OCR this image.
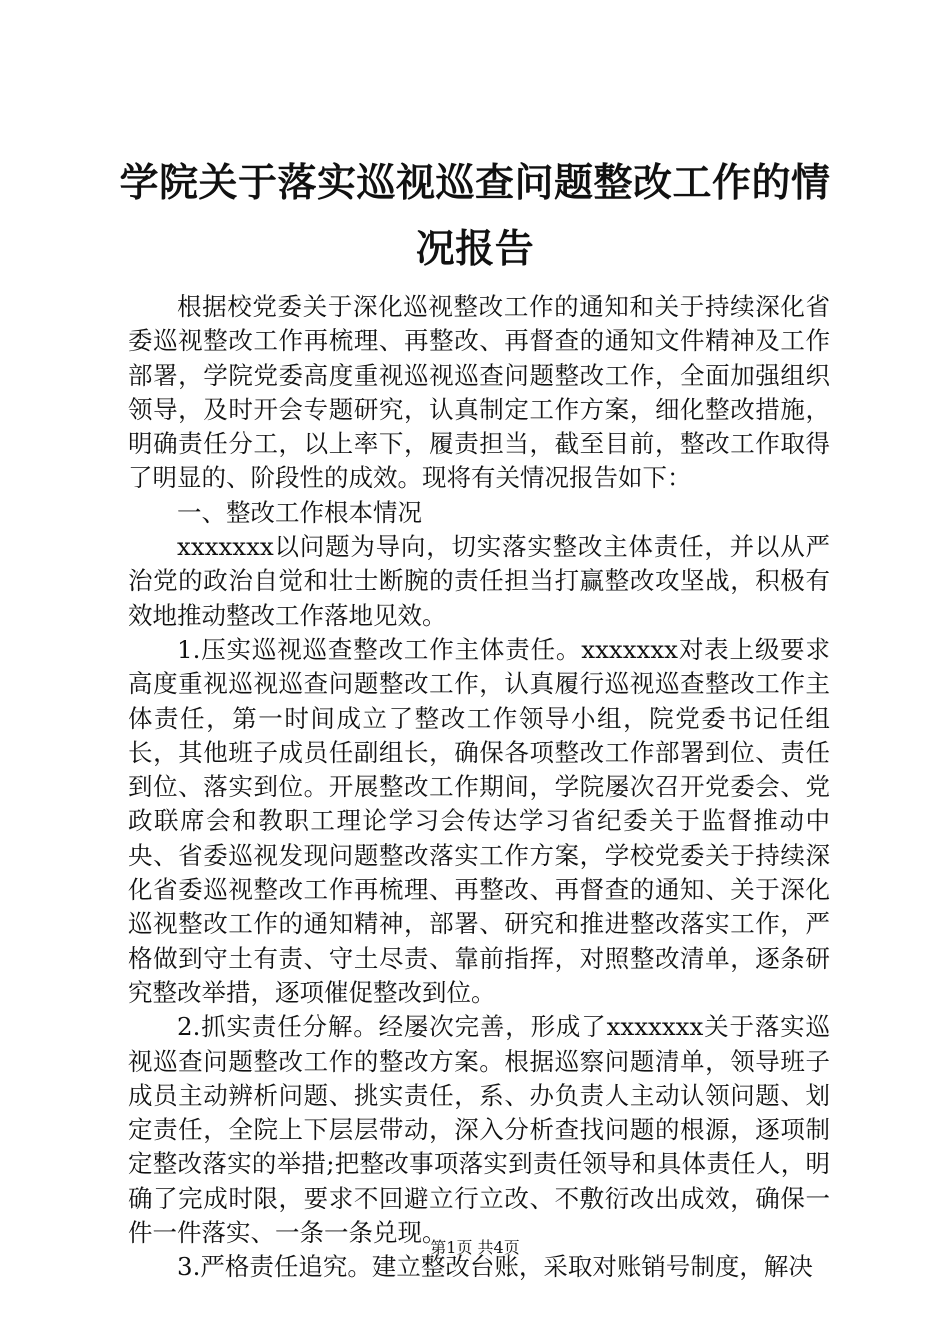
学院关于落实巡视巡查问题整改工作的情况报告

根据校党委关于深化巡视整改工作的通知和关于持续深化省委巡视整改工作再梳理、再整改、再督查的通知文件精神及工作部署，学院党委高度重视巡视巡查问题整改工作，全面加强组织领导，及时开会专题研究，认真制定工作方案，细化整改措施，明确责任分工，以上率下，履责担当，截至目前，整改工作取得了明显的、阶段性的成效。现将有关情况报告如下：

一、整改工作根本情况

xxxxxxx以问题为导向，切实落实整改主体责任，并以从严治党的政治自觉和壮士断腕的责任担当打赢整改攻坚战，积极有效地推动整改工作落地见效。

1.压实巡视巡查整改工作主体责任。xxxxxxx对表上级要求高度重视巡视巡查问题整改工作，认真履行巡视巡查整改工作主体责任，第一时间成立了整改工作领导小组，院党委书记任组长，其他班子成员任副组长，确保各项整改工作部署到位、责任到位、落实到位。开展整改工作期间，学院屡次召开党委会、党政联席会和教职工理论学习会传达学习省纪委关于监督推动中央、省委巡视发现问题整改落实工作方案，学校党委关于持续深化省委巡视整改工作再梳理、再整改、再督查的通知、关于深化巡视整改工作的通知精神，部署、研究和推进整改落实工作，严格做到守土有责、守土尽责、靠前指挥，对照整改清单，逐条研究整改举措，逐项催促整改到位。

2.抓实责任分解。经屡次完善，形成了xxxxxxx关于落实巡视巡查问题整改工作的整改方案。根据巡察问题清单，领导班子成员主动辨析问题、挑实责任，系、办负责人主动认领问题、划定责任，全院上下层层带动，深入分析查找问题的根源，逐项制定整改落实的举措;把整改事项落实到责任领导和具体责任人，明确了完成时限，要求不回避立行立改、不敷衍改出成效，确保一件一件落实、一条一条兑现。

3.严格责任追究。建立整改台账，采取对账销号制度，解决

第1页 共4页
